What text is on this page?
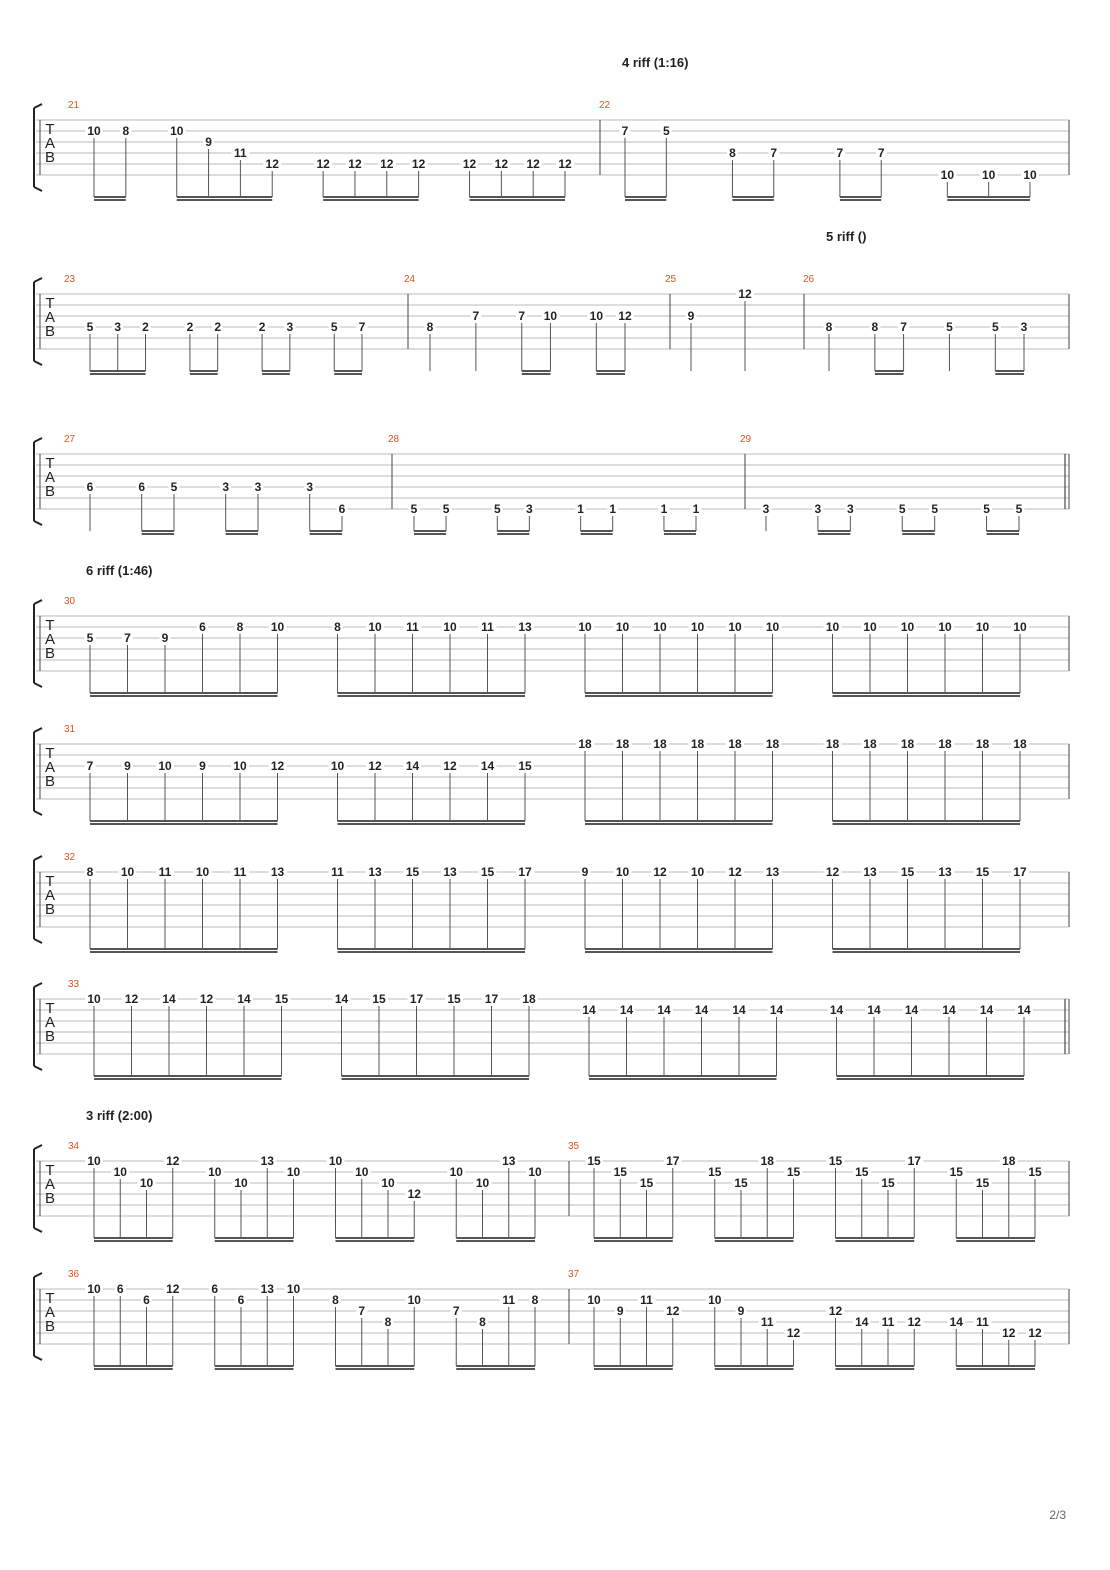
4 riff (1:16)
5 riff ()
6 riff (1:46)
3 riff (2:00)
T
A
B
21
10 8	10
9
11
12	12 12 12 12	12 12 12 12
22
7	5
8	7	7	7
10 10 10
T
A
B
23
5 3 2	2 2	2 3	5 7
24
8
7	7 10	10 12
25
9
12
26
8	8 7	5	5 3
T
A
B
27
6	6 5	3 3	3
6
28
5 5	5 3	1 1	1 1
29
3	3 3	5 5	5 5
T
A
B
30
5	7	9
6	8 10	8 10 11 10 11 13	10 10 10 10 10 10	10 10 10 10 10 10
T
A
B
31
7	9 10 9 10 12	10 12 14 12 14 15
18 18 18 18 18 18	18 18 18 18 18 18
T
A
B
32
8 10 11 10 11 13	11 13 15 13 15 17	9 10 12 10 12 13	12 13 15 13 15 17
T
A
B
33
10 12 14 12 14 15	14 15 17 15 17 18
14 14 14 14 14 14	14 14 14 14 14 14
T
A
B
34
10
10
10
12
10
10
13
10
10
10
10
12
10
10
13
10
35
15
15
15
17
15
15
18
15
15
15
15
17
15
15
18
15
T
A
B
36
10 6
6
12	6
6
13 10
8
7
8
10
7
8
11 8
37
10
9
11
12
10
9
11
12
12
14 11 12 14 11
12 12
2/3
